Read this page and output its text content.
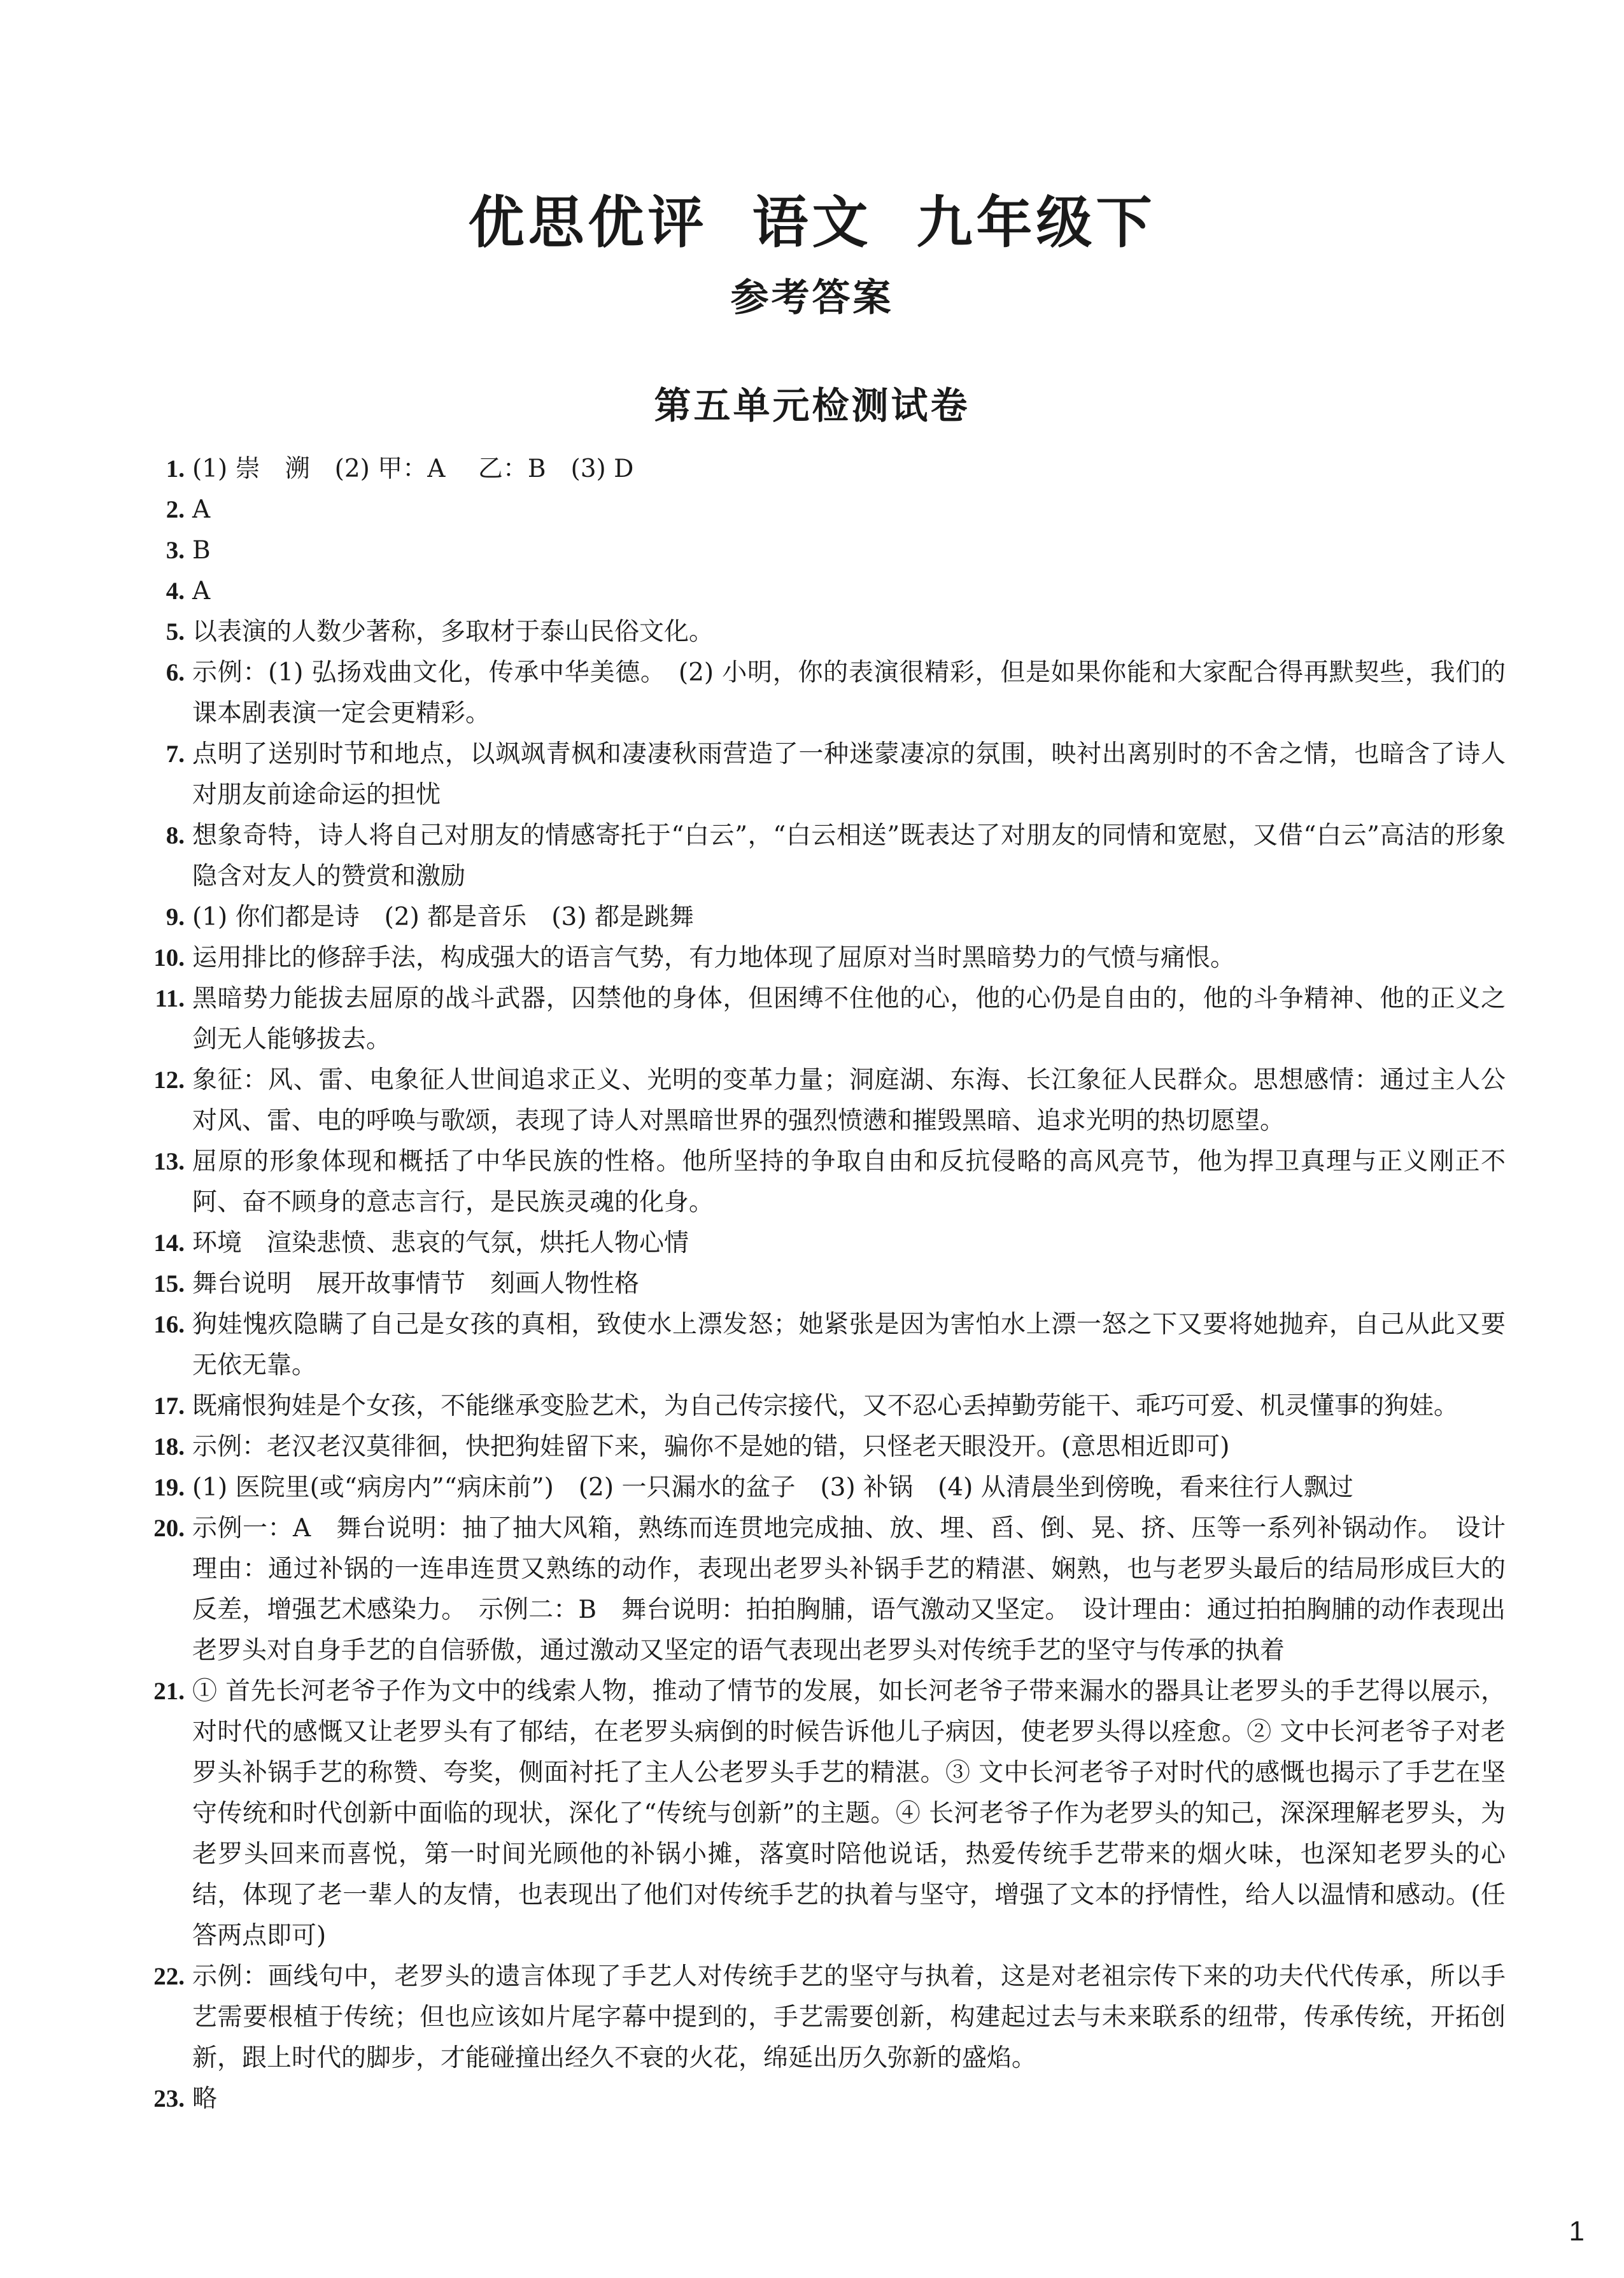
优思优评 语文 九年级下
参考答案
第五单元检测试卷
1. (1) 崇　溯　(2) 甲：A　 乙：B　(3) D
2. A
3. B
4. A
5. 以表演的人数少著称，多取材于泰山民俗文化。
6. 示例：(1) 弘扬戏曲文化，传承中华美德。　(2) 小明，你的表演很精彩，但是如果你能和大家配合得再默契些，我们的课本剧表演一定会更精彩。
7. 点明了送别时节和地点，以飒飒青枫和凄凄秋雨营造了一种迷蒙凄凉的氛围，映衬出离别时的不舍之情，也暗含了诗人对朋友前途命运的担忧
8. 想象奇特，诗人将自己对朋友的情感寄托于“白云”，“白云相送”既表达了对朋友的同情和宽慰，又借“白云”高洁的形象隐含对友人的赞赏和激励
9. (1) 你们都是诗　(2) 都是音乐　(3) 都是跳舞
10. 运用排比的修辞手法，构成强大的语言气势，有力地体现了屈原对当时黑暗势力的气愤与痛恨。
11. 黑暗势力能拔去屈原的战斗武器，囚禁他的身体，但困缚不住他的心，他的心仍是自由的，他的斗争精神、他的正义之剑无人能够拔去。
12. 象征：风、雷、电象征人世间追求正义、光明的变革力量；洞庭湖、东海、长江象征人民群众。思想感情：通过主人公对风、雷、电的呼唤与歌颂，表现了诗人对黑暗世界的强烈愤懑和摧毁黑暗、追求光明的热切愿望。
13. 屈原的形象体现和概括了中华民族的性格。他所坚持的争取自由和反抗侵略的高风亮节，他为捍卫真理与正义刚正不阿、奋不顾身的意志言行，是民族灵魂的化身。
14. 环境　渲染悲愤、悲哀的气氛，烘托人物心情
15. 舞台说明　展开故事情节　刻画人物性格
16. 狗娃愧疚隐瞒了自己是女孩的真相，致使水上漂发怒；她紧张是因为害怕水上漂一怒之下又要将她抛弃，自己从此又要无依无靠。
17. 既痛恨狗娃是个女孩，不能继承变脸艺术，为自己传宗接代，又不忍心丢掉勤劳能干、乖巧可爱、机灵懂事的狗娃。
18. 示例：老汉老汉莫徘徊，快把狗娃留下来，骗你不是她的错，只怪老天眼没开。(意思相近即可)
19. (1) 医院里(或“病房内”“病床前”)　(2) 一只漏水的盆子　(3) 补锅　(4) 从清晨坐到傍晚，看来往行人飘过
20. 示例一：A　舞台说明：抽了抽大风箱，熟练而连贯地完成抽、放、埋、舀、倒、晃、挤、压等一系列补锅动作。　设计理由：通过补锅的一连串连贯又熟练的动作，表现出老罗头补锅手艺的精湛、娴熟，也与老罗头最后的结局形成巨大的反差，增强艺术感染力。　示例二：B　舞台说明：拍拍胸脯，语气激动又坚定。　设计理由：通过拍拍胸脯的动作表现出老罗头对自身手艺的自信骄傲，通过激动又坚定的语气表现出老罗头对传统手艺的坚守与传承的执着
21. ① 首先长河老爷子作为文中的线索人物，推动了情节的发展，如长河老爷子带来漏水的器具让老罗头的手艺得以展示，对时代的感慨又让老罗头有了郁结，在老罗头病倒的时候告诉他儿子病因，使老罗头得以痊愈。② 文中长河老爷子对老罗头补锅手艺的称赞、夸奖，侧面衬托了主人公老罗头手艺的精湛。③ 文中长河老爷子对时代的感慨也揭示了手艺在坚守传统和时代创新中面临的现状，深化了“传统与创新”的主题。④ 长河老爷子作为老罗头的知己，深深理解老罗头，为老罗头回来而喜悦，第一时间光顾他的补锅小摊，落寞时陪他说话，热爱传统手艺带来的烟火味，也深知老罗头的心结，体现了老一辈人的友情，也表现出了他们对传统手艺的执着与坚守，增强了文本的抒情性，给人以温情和感动。(任答两点即可)
22. 示例：画线句中，老罗头的遗言体现了手艺人对传统手艺的坚守与执着，这是对老祖宗传下来的功夫代代传承，所以手艺需要根植于传统；但也应该如片尾字幕中提到的，手艺需要创新，构建起过去与未来联系的纽带，传承传统，开拓创新，跟上时代的脚步，才能碰撞出经久不衰的火花，绵延出历久弥新的盛焰。
23. 略
1
